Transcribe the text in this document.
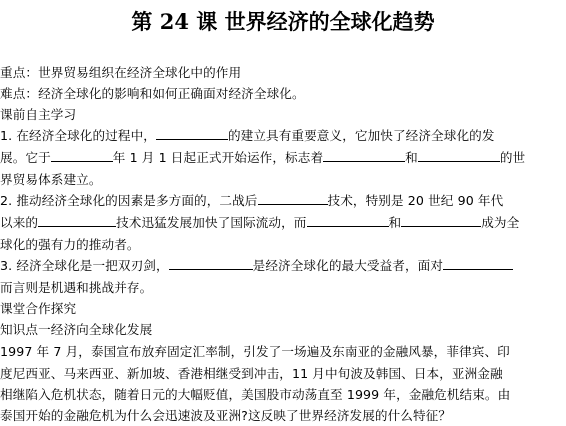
第 24 课 世界经济的全球化趋势
重点：世界贸易组织在经济全球化中的作用
难点：经济全球化的影响和如何正确面对经济全球化。
课前自主学习
1. 在经济全球化的过程中，	的建立具有重要意义，它加快了经济全球化的发
展。它于	年 1 月 1 日起正式开始运作，标志着	和	的世
界贸易体系建立。
2. 推动经济全球化的因素是多方面的，二战后	技术，特别是 20 世纪 90 年代
以来的	技术迅猛发展加快了国际流动，而	和	成为全
球化的强有力的推动者。
3. 经济全球化是一把双刃剑，	是经济全球化的最大受益者，面对
而言则是机遇和挑战并存。
课堂合作探究
知识点一经济向全球化发展
1997 年 7 月，泰国宣布放弃固定汇率制，引发了一场遍及东南亚的金融风暴，菲律宾、印
度尼西亚、马来西亚、新加坡、香港相继受到冲击，11 月中旬波及韩国、日本，亚洲金融
相继陷入危机状态，随着日元的大幅贬值，美国股市动荡直至 1999 年，金融危机结束。由
泰国开始的金融危机为什么会迅速波及亚洲?这反映了世界经济发展的什么特征？
